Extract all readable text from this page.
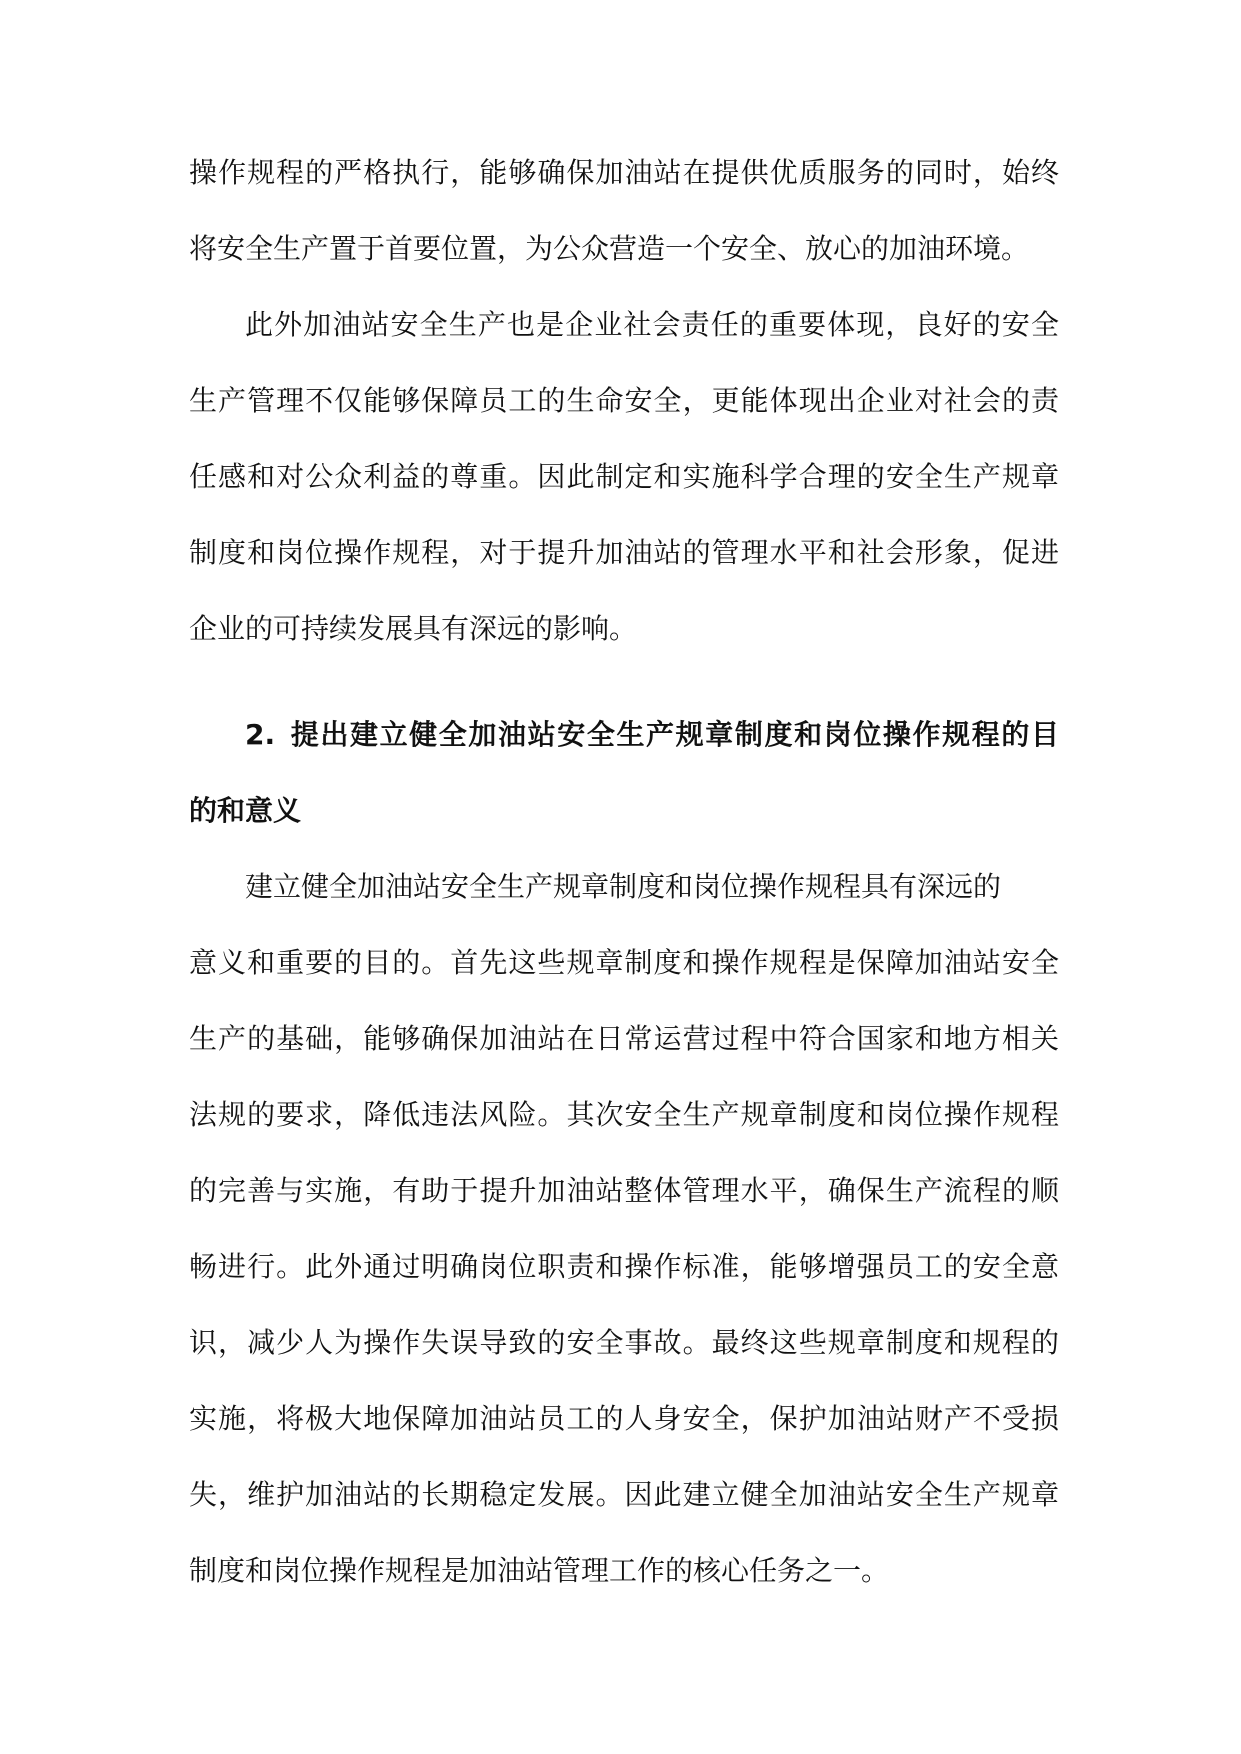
操作规程的严格执行，能够确保加油站在提供优质服务的同时，始终
将安全生产置于首要位置，为公众营造一个安全、放心的加油环境。
此外加油站安全生产也是企业社会责任的重要体现，良好的安全
生产管理不仅能够保障员工的生命安全，更能体现出企业对社会的责
任感和对公众利益的尊重。因此制定和实施科学合理的安全生产规章
制度和岗位操作规程，对于提升加油站的管理水平和社会形象，促进
企业的可持续发展具有深远的影响。
2. 提出建立健全加油站安全生产规章制度和岗位操作规程的目
的和意义
建立健全加油站安全生产规章制度和岗位操作规程具有深远的
意义和重要的目的。首先这些规章制度和操作规程是保障加油站安全
生产的基础，能够确保加油站在日常运营过程中符合国家和地方相关
法规的要求，降低违法风险。其次安全生产规章制度和岗位操作规程
的完善与实施，有助于提升加油站整体管理水平，确保生产流程的顺
畅进行。此外通过明确岗位职责和操作标准，能够增强员工的安全意
识，减少人为操作失误导致的安全事故。最终这些规章制度和规程的
实施，将极大地保障加油站员工的人身安全，保护加油站财产不受损
失，维护加油站的长期稳定发展。因此建立健全加油站安全生产规章
制度和岗位操作规程是加油站管理工作的核心任务之一。
